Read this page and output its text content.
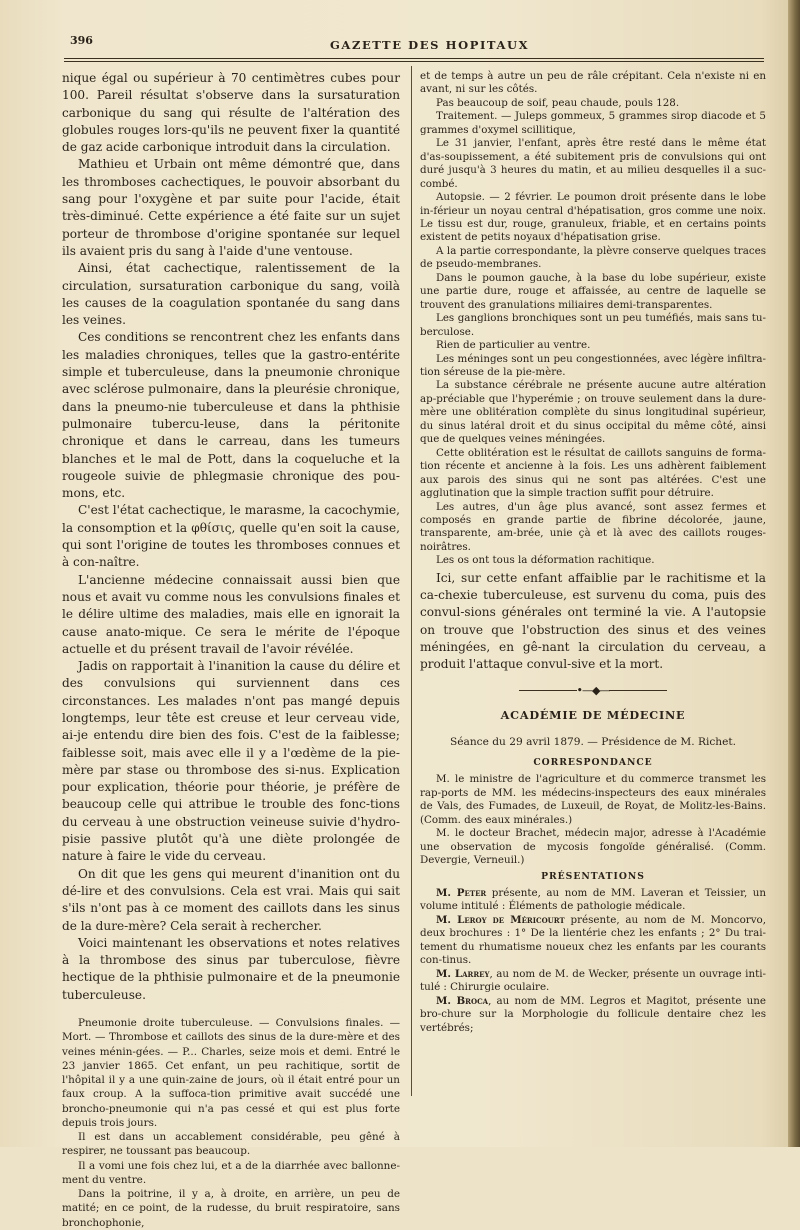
396	GAZETTE DES HOPITAUX

nique égal ou supérieur à 70 centimètres cubes pour 100. Pareil résultat s'observe dans la sursaturation carbonique du sang qui résulte de l'altération des globules rouges lors-qu'ils ne peuvent fixer la quantité de gaz acide carbonique introduit dans la circulation.

Mathieu et Urbain ont même démontré que, dans les thromboses cachectiques, le pouvoir absorbant du sang pour l'oxygène et par suite pour l'acide, était très-diminué. Cette expérience a été faite sur un sujet porteur de thrombose d'origine spontanée sur lequel ils avaient pris du sang à l'aide d'une ventouse.

Ainsi, état cachectique, ralentissement de la circulation, sursaturation carbonique du sang, voilà les causes de la coagulation spontanée du sang dans les veines.

Ces conditions se rencontrent chez les enfants dans les maladies chroniques, telles que la gastro-entérite simple et tuberculeuse, dans la pneumonie chronique avec sclérose pulmonaire, dans la pleurésie chronique, dans la pneumo-nie tuberculeuse et dans la phthisie pulmonaire tubercu-leuse, dans la péritonite chronique et dans le carreau, dans les tumeurs blanches et le mal de Pott, dans la coqueluche et la rougeole suivie de phlegmasie chronique des pou-mons, etc.

C'est l'état cachectique, le marasme, la cacochymie, la consomption et la φθίσις, quelle qu'en soit la cause, qui sont l'origine de toutes les thromboses connues et à con-naître.

L'ancienne médecine connaissait aussi bien que nous et avait vu comme nous les convulsions finales et le délire ultime des maladies, mais elle en ignorait la cause anato-mique. Ce sera le mérite de l'époque actuelle et du présent travail de l'avoir révélée.

Jadis on rapportait à l'inanition la cause du délire et des convulsions qui surviennent dans ces circonstances. Les malades n'ont pas mangé depuis longtemps, leur tête est creuse et leur cerveau vide, ai-je entendu dire bien des fois. C'est de la faiblesse; faiblesse soit, mais avec elle il y a l'œdème de la pie-mère par stase ou thrombose des si-nus. Explication pour explication, théorie pour théorie, je préfère de beaucoup celle qui attribue le trouble des fonc-tions du cerveau à une obstruction veineuse suivie d'hydro-pisie passive plutôt qu'à une diète prolongée de nature à faire le vide du cerveau.

On dit que les gens qui meurent d'inanition ont du dé-lire et des convulsions. Cela est vrai. Mais qui sait s'ils n'ont pas à ce moment des caillots dans les sinus de la dure-mère? Cela serait à rechercher.

Voici maintenant les observations et notes relatives à la thrombose des sinus par tuberculose, fièvre hectique de la phthisie pulmonaire et de la pneumonie tuberculeuse.

Pneumonie droite tuberculeuse. — Convulsions finales. — Mort. — Thrombose et caillots des sinus de la dure-mère et des veines ménin-gées. — P... Charles, seize mois et demi. Entré le 23 janvier 1865. Cet enfant, un peu rachitique, sortit de l'hôpital il y a une quin-zaine de jours, où il était entré pour un faux croup. A la suffoca-tion primitive avait succédé une broncho-pneumonie qui n'a pas cessé et qui est plus forte depuis trois jours.

Il est dans un accablement considérable, peu gêné à respirer, ne toussant pas beaucoup.

Il a vomi une fois chez lui, et a de la diarrhée avec ballonne-ment du ventre.

Dans la poitrine, il y a, à droite, en arrière, un peu de matité; en ce point, de la rudesse, du bruit respiratoire, sans bronchophonie,

et de temps à autre un peu de râle crépitant. Cela n'existe ni en avant, ni sur les côtés.

Pas beaucoup de soif, peau chaude, pouls 128.

Traitement. — Juleps gommeux, 5 grammes sirop diacode et 5 grammes d'oxymel scillitique,

Le 31 janvier, l'enfant, après être resté dans le même état d'as-soupissement, a été subitement pris de convulsions qui ont duré jusqu'à 3 heures du matin, et au milieu desquelles il a suc-combé.

Autopsie. — 2 février. Le poumon droit présente dans le lobe in-férieur un noyau central d'hépatisation, gros comme une noix. Le tissu est dur, rouge, granuleux, friable, et en certains points existent de petits noyaux d'hépatisation grise.

A la partie correspondante, la plèvre conserve quelques traces de pseudo-membranes.

Dans le poumon gauche, à la base du lobe supérieur, existe une partie dure, rouge et affaissée, au centre de laquelle se trouvent des granulations miliaires demi-transparentes.

Les ganglions bronchiques sont un peu tuméfiés, mais sans tu-berculose.

Rien de particulier au ventre.

Les méninges sont un peu congestionnées, avec légère infiltra-tion séreuse de la pie-mère.

La substance cérébrale ne présente aucune autre altération ap-préciable que l'hyperémie ; on trouve seulement dans la dure-mère une oblitération complète du sinus longitudinal supérieur, du sinus latéral droit et du sinus occipital du même côté, ainsi que de quelques veines méningées.

Cette oblitération est le résultat de caillots sanguins de forma-tion récente et ancienne à la fois. Les uns adhèrent faiblement aux parois des sinus qui ne sont pas altérées. C'est une agglutination que la simple traction suffit pour détruire.

Les autres, d'un âge plus avancé, sont assez fermes et composés en grande partie de fibrine décolorée, jaune, transparente, am-brée, unie çà et là avec des caillots rouges-noirâtres.

Les os ont tous la déformation rachitique.

Ici, sur cette enfant affaiblie par le rachitisme et la ca-chexie tuberculeuse, est survenu du coma, puis des convul-sions générales ont terminé la vie. A l'autopsie on trouve que l'obstruction des sinus et des veines méningées, en gê-nant la circulation du cerveau, a produit l'attaque convul-sive et la mort.

•—◆—
ACADÉMIE DE MÉDECINE
Séance du 29 avril 1879. — Présidence de M. Richet.
CORRESPONDANCE

M. le ministre de l'agriculture et du commerce transmet les rap-ports de MM. les médecins-inspecteurs des eaux minérales de Vals, des Fumades, de Luxeuil, de Royat, de Molitz-les-Bains. (Comm. des eaux minérales.)

M. le docteur Brachet, médecin major, adresse à l'Académie une observation de mycosis fongoïde généralisé. (Comm. Devergie, Verneuil.)

PRÉSENTATIONS

M. Peter présente, au nom de MM. Laveran et Teissier, un volume intitulé : Éléments de pathologie médicale.

M. Leroy de Méricourt présente, au nom de M. Moncorvo, deux brochures : 1° De la lientérie chez les enfants ; 2° Du trai-tement du rhumatisme noueux chez les enfants par les courants con-tinus.

M. Larrey, au nom de M. de Wecker, présente un ouvrage inti-tulé : Chirurgie oculaire.

M. Broca, au nom de MM. Legros et Magitot, présente une bro-chure sur la Morphologie du follicule dentaire chez les vertébrés;
